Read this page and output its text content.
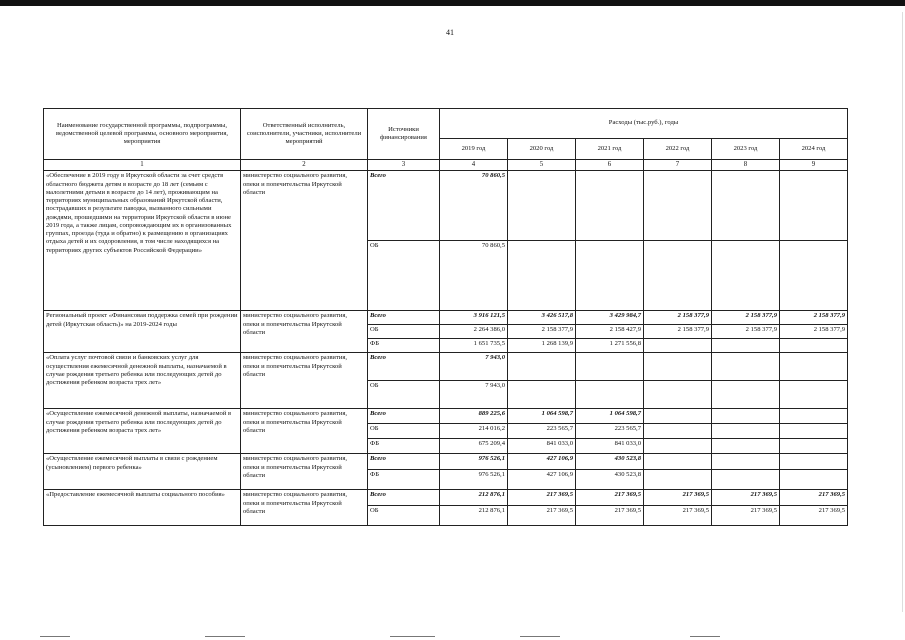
41
Наименование государственной программы, подпрограммы, ведомственной целевой программы, основного мероприятия, мероприятия	Ответственный исполнитель, соисполнители, участники, исполнители мероприятий	Источники финансирования	Расходы (тыс.руб.), годы					
			2019 год	2020 год	2021 год	2022 год	2023 год	2024 год
1	2	3	4	5	6	7	8	9
«Обеспечение в 2019 году в Иркутской области за счет средств областного бюджета детям в возрасте до 18 лет (семьям с малолетними детьми в возрасте до 14 лет), проживающим на территориях муниципальных образований Иркутской области, пострадавших в результате паводка, вызванного сильными дождями, прошедшими на территории Иркутской области в июне 2019 года, а также лицам, сопровождающим их в организованных группах, проезда (туда и обратно) к размещению в организациях отдыха детей и их оздоровления, в том числе находящихся на территориях других субъектов Российской Федерации»	министерство социального развития, опеки и попечительства Иркутской области	Всего	70 860,5					
		ОБ	70 860,5					
Региональный проект «Финансовая поддержка семей при рождении детей (Иркутская область)» на 2019-2024 годы	министерство социального развития, опеки и попечительства Иркутской области	Всего	3 916 121,5	3 426 517,8	3 429 984,7	2 158 377,9	2 158 377,9	2 158 377,9
		ОБ	2 264 386,0	2 158 377,9	2 158 427,9	2 158 377,9	2 158 377,9	2 158 377,9
		ФБ	1 651 735,5	1 268 139,9	1 271 556,8			
«Оплата услуг почтовой связи и банковских услуг для осуществления ежемесячной денежной выплаты, назначаемой в случае рождения третьего ребенка или последующих детей до достижения ребенком возраста трех лет»	министерство социального развития, опеки и попечительства Иркутской области	Всего	7 943,0					
		ОБ	7 943,0					
«Осуществление ежемесячной денежной выплаты, назначаемой в случае рождения третьего ребенка или последующих детей до достижения ребенком возраста трех лет»	министерство социального развития, опеки и попечительства Иркутской области	Всего	889 225,6	1 064 598,7	1 064 598,7			
		ОБ	214 016,2	223 565,7	223 565,7			
		ФБ	675 209,4	841 033,0	841 033,0			
«Осуществление ежемесячной выплаты в связи с рождением (усыновлением) первого ребенка»	министерство социального развития, опеки и попечительства Иркутской области	Всего	976 526,1	427 106,9	430 523,8			
		ФБ	976 526,1	427 106,9	430 523,8			
«Предоставление ежемесячной выплаты социального пособия»	министерство социального развития, опеки и попечительства Иркутской области	Всего	212 876,1	217 369,5	217 369,5	217 369,5	217 369,5	217 369,5
		ОБ	212 876,1	217 369,5	217 369,5	217 369,5	217 369,5	217 369,5
